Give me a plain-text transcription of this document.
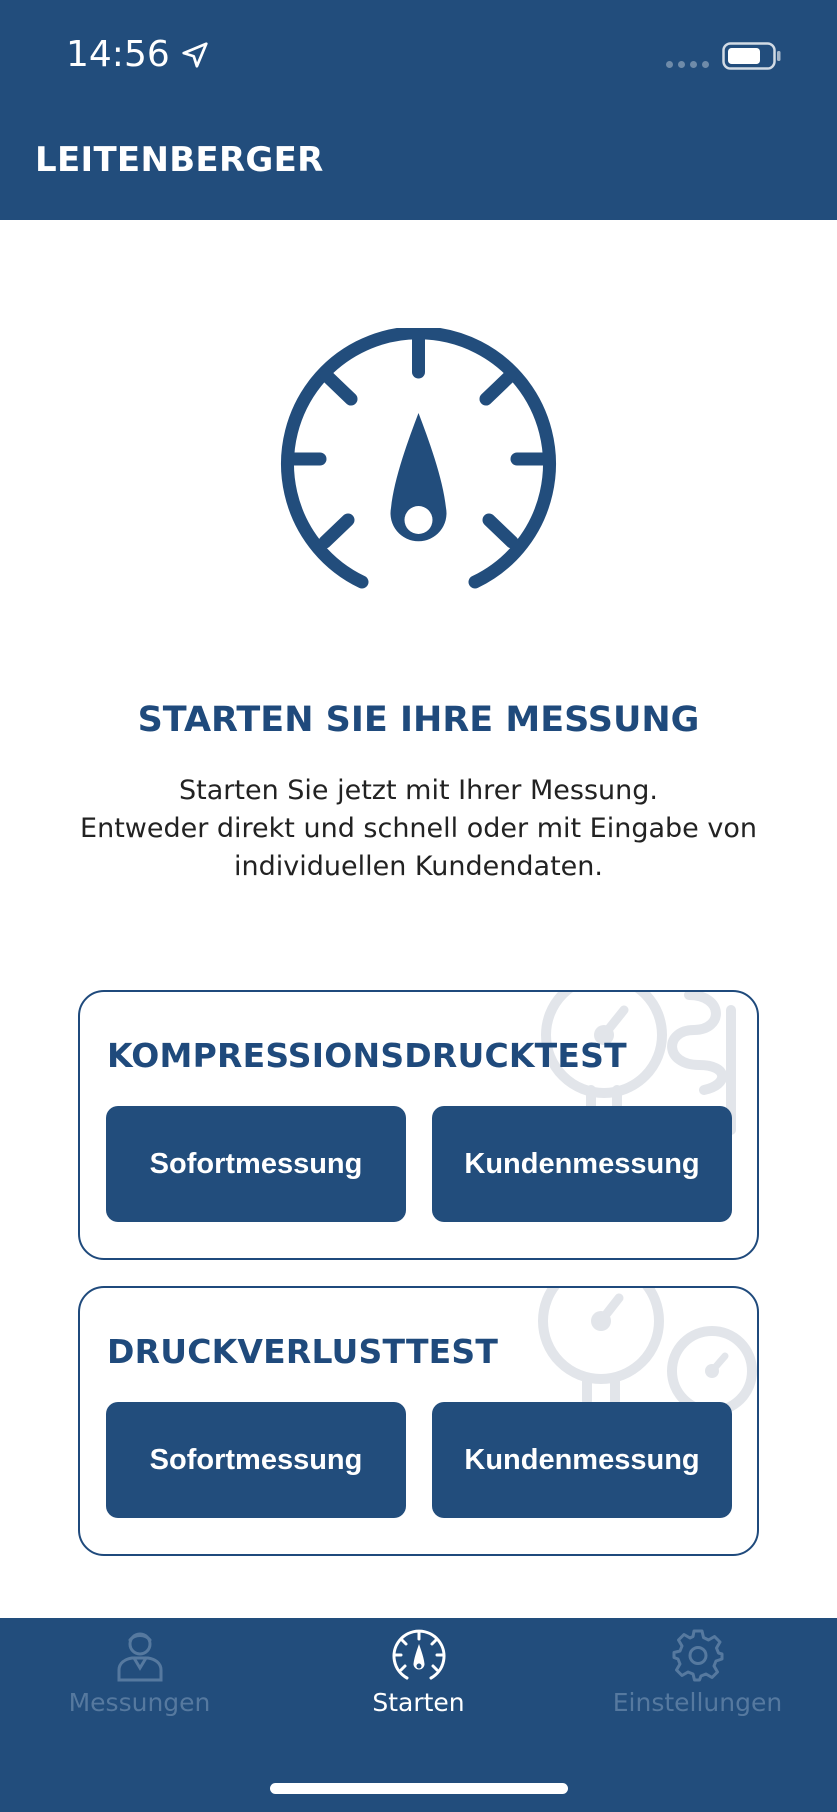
14:56
LEITENBERGER
STARTEN SIE IHRE MESSUNG
Starten Sie jetzt mit Ihrer Messung.
Entweder direkt und schnell oder mit Eingabe von
individuellen Kundendaten.
KOMPRESSIONSDRUCKTEST
Sofortmessung	Kundenmessung
DRUCKVERLUSTTEST
Sofortmessung	Kundenmessung
Messungen	Starten	Einstellungen
